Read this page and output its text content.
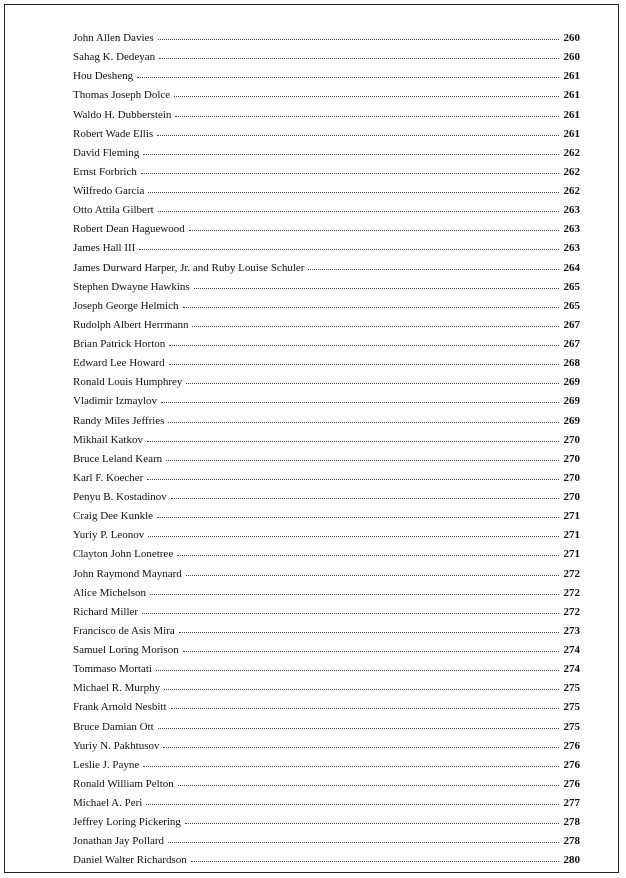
John Allen Davies	260
Sahag K. Dedeyan	260
Hou Desheng	261
Thomas Joseph Dolce	261
Waldo H. Dubberstein	261
Robert Wade Ellis	261
David Fleming	262
Ernst Forbrich	262
Wilfredo Garcia	262
Otto Attila Gilbert	263
Robert Dean Haguewood	263
James Hall III	263
James Durward Harper, Jr. and Ruby Louise Schuler	264
Stephen Dwayne Hawkins	265
Joseph George Helmich	265
Rudolph Albert Herrmann	267
Brian Patrick Horton	267
Edward Lee Howard	268
Ronald Louis Humphrey	269
Vladimir Izmaylov	269
Randy Miles Jeffries	269
Mikhail Katkov	270
Bruce Leland Kearn	270
Karl F. Koecher	270
Penyu B. Kostadinov	270
Craig Dee Kunkle	271
Yuriy P. Leonov	271
Clayton John Lonetree	271
John Raymond Maynard	272
Alice Michelson	272
Richard Miller	272
Francisco de Asis Mira	273
Samuel Loring Morison	274
Tommaso Mortati	274
Michael R. Murphy	275
Frank Arnold Nesbitt	275
Bruce Damian Ott	275
Yuriy N. Pakhtusov	276
Leslie J. Payne	276
Ronald William Pelton	276
Michael A. Peri	277
Jeffrey Loring Pickering	278
Jonathan Jay Pollard	278
Daniel Walter Richardson	280
